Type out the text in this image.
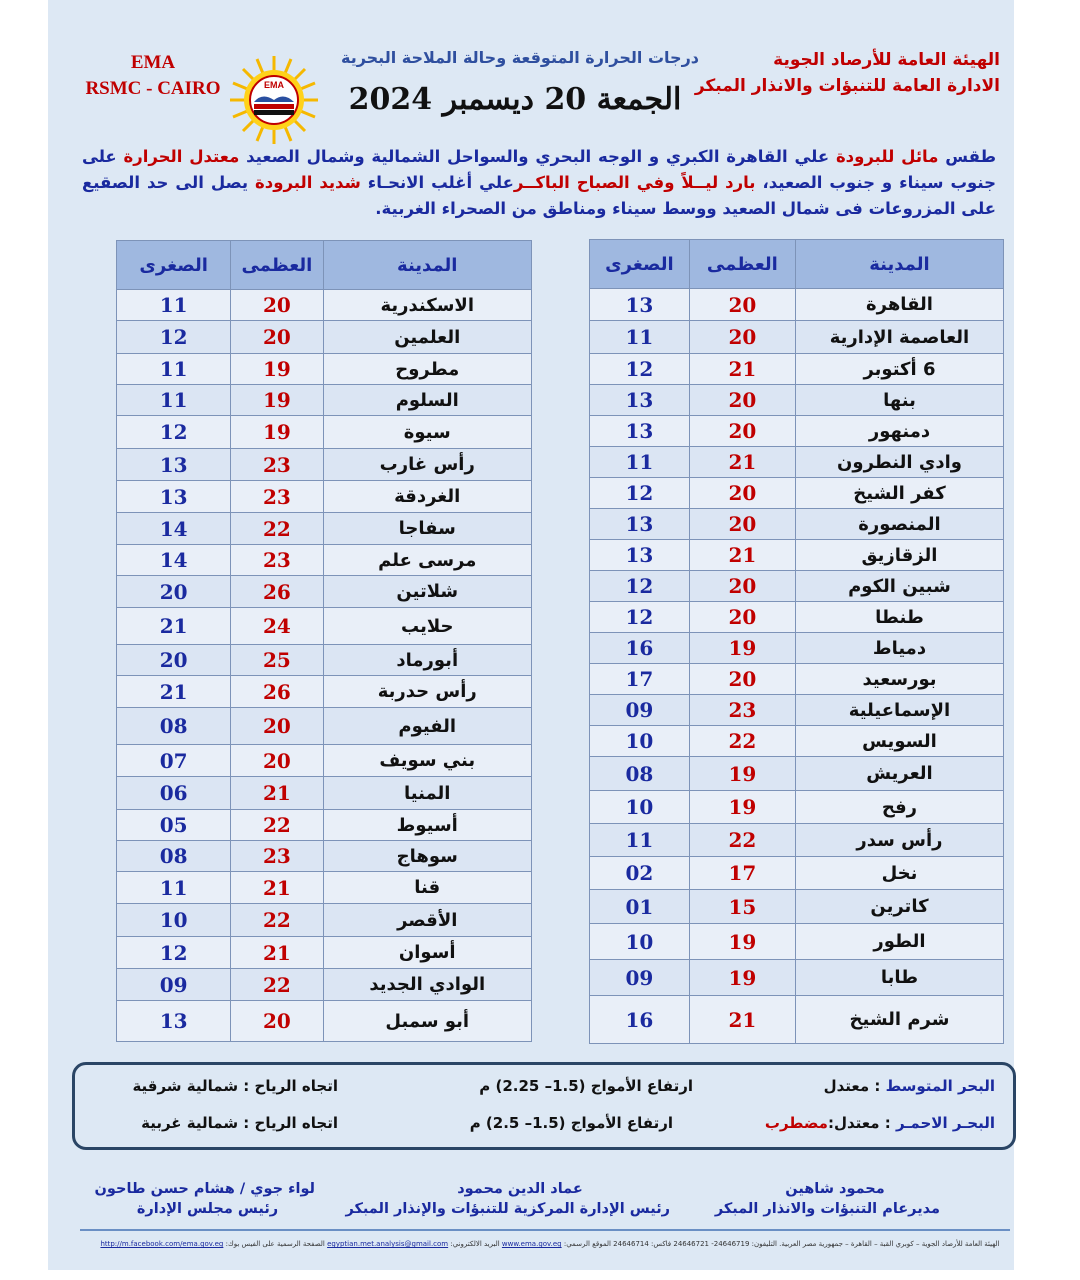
الهيئة العامة للأرصاد الجوية
الادارة العامة للتنبؤات والانذار المبكر
EMA
RSMC - CAIRO	EMA
درجات الحرارة المتوقعة وحالة الملاحة البحرية
الجمعة 20 ديسمبر 2024
طقس مائل للبرودة علي القاهرة الكبري و الوجه البحري والسواحل الشمالية وشمال الصعيد معتدل الحرارة على جنوب سيناء و جنوب الصعيد، بارد ليــلاً وفي الصباح الباكــرعلي أغلب الانحـاء شديد البرودة يصل الى حد الصقيع على المزروعات فى شمال الصعيد ووسط سيناء ومناطق من الصحراء الغربية.
المدينة	العظمى	الصغرى
القاهرة	20	13
العاصمة الإدارية	20	11
6 أكتوبر	21	12
بنها	20	13
دمنهور	20	13
وادي النطرون	21	11
كفر الشيخ	20	12
المنصورة	20	13
الزقازيق	21	13
شبين الكوم	20	12
طنطا	20	12
دمياط	19	16
بورسعيد	20	17
الإسماعيلية	23	09
السويس	22	10
العريش	19	08
رفح	19	10
رأس سدر	22	11
نخل	17	02
كاترين	15	01
الطور	19	10
طابا	19	09
شرم الشيخ	21	16
المدينة	العظمى	الصغرى
الاسكندرية	20	11
العلمين	20	12
مطروح	19	11
السلوم	19	11
سيوة	19	12
رأس غارب	23	13
الغردقة	23	13
سفاجا	22	14
مرسى علم	23	14
شلاتين	26	20
حلايب	24	21
أبورماد	25	20
رأس حدربة	26	21
الفيوم	20	08
بني سويف	20	07
المنيا	21	06
أسيوط	22	05
سوهاج	23	08
قنا	21	11
الأقصر	22	10
أسوان	21	12
الوادي الجديد	22	09
أبو سمبل	20	13
البحر المتوسط : معتدل
ارتفاع الأمواج (1.5– 2.25) م
اتجاه الرياح : شمالية شرقية
البحـر الاحمـر : معتدل:مضطرب
ارتفاع الأمواج (1.5– 2.5) م
اتجاه الرياح : شمالية غربية
محمود شاهين
مديرعام التنبؤات والانذار المبكر
عماد الدين محمود
رئيس الإدارة المركزية للتنبؤات والإنذار المبكر
لواء جوي / هشام حسن طاحون
رئيس مجلس الإدارة
الهيئة العامة للأرصاد الجوية – كوبري القبة – القاهرة – جمهورية مصر العربية. التليفون: 24646719- 24646721 فاكس: 24646714 الموقع الرسمي: www.ema.gov.eg البريد الالكتروني: egyptian.met.analysis@gmail.com الصفحة الرسمية على الفيس بوك: http://m.facebook.com/ema.gov.eg
